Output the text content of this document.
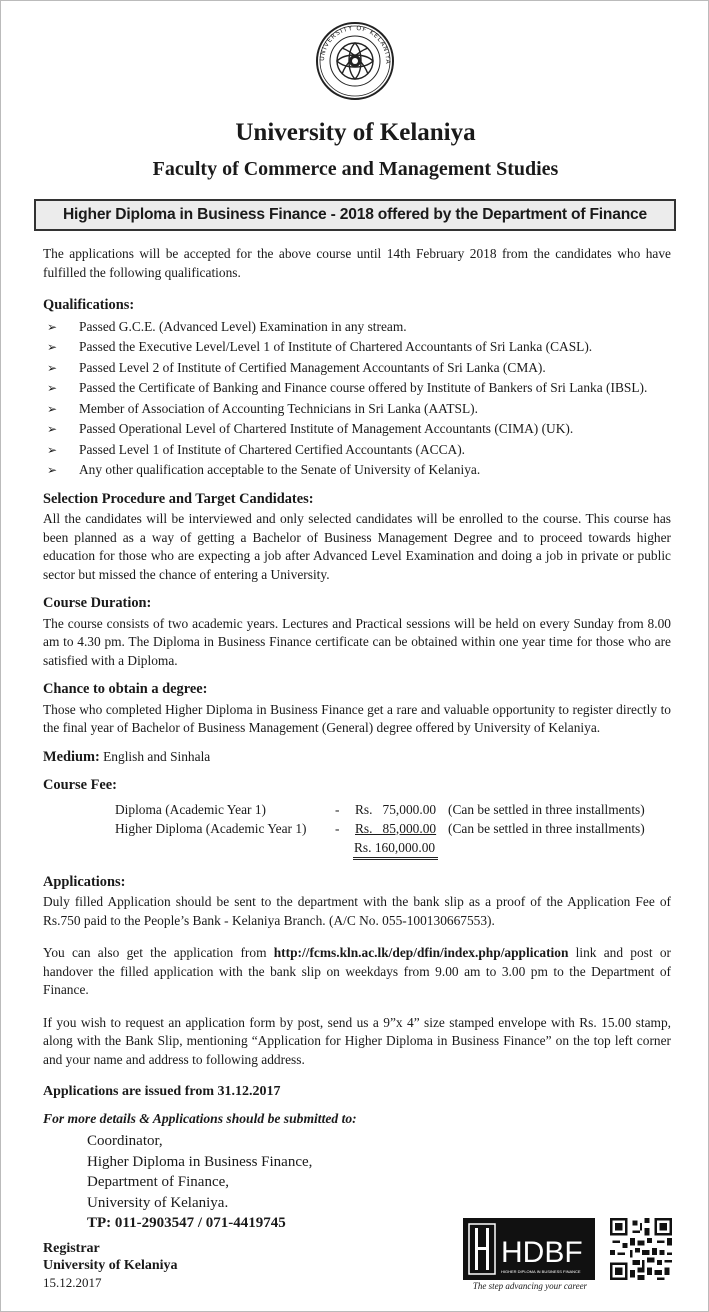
UNIVERSITY OF KELANIYA
University of Kelaniya
Faculty of Commerce and Management Studies
Higher Diploma in Business Finance - 2018 offered by the Department of Finance

The applications will be accepted for the above course until 14th February 2018 from the candidates who have fulfilled the following qualifications.

Qualifications:
➢ Passed G.C.E. (Advanced Level) Examination in any stream.
➢ Passed the Executive Level/Level 1 of Institute of Chartered Accountants of Sri Lanka (CASL).
➢ Passed Level 2 of Institute of Certified Management Accountants of Sri Lanka (CMA).
➢ Passed the Certificate of Banking and Finance course offered by Institute of Bankers of Sri Lanka (IBSL).
➢ Member of Association of Accounting Technicians in Sri Lanka (AATSL).
➢ Passed Operational Level of Chartered Institute of Management Accountants (CIMA) (UK).
➢ Passed Level 1 of Institute of Chartered Certified Accountants (ACCA).
➢ Any other qualification acceptable to the Senate of University of Kelaniya.
Selection Procedure and Target Candidates:

All the candidates will be interviewed and only selected candidates will be enrolled to the course. This course has been planned as a way of getting a Bachelor of Business Management Degree and to proceed towards higher education for those who are expecting a job after Advanced Level Examination and doing a job in private or public sector but missed the chance of entering a University.

Course Duration:

The course consists of two academic years. Lectures and Practical sessions will be held on every Sunday from 8.00 am to 4.30 pm. The Diploma in Business Finance certificate can be obtained within one year time for those who are satisfied with a Diploma.

Chance to obtain a degree:

Those who completed Higher Diploma in Business Finance get a rare and valuable opportunity to register directly to the final year of Bachelor of Business Management (General) degree offered by University of Kelaniya.

Medium: English and Sinhala
Course Fee:
Diploma (Academic Year 1)	- Rs.   75,000.00 (Can be settled in three installments)
Higher Diploma (Academic Year 1) - Rs.   85,000.00 (Can be settled in three installments)
Rs. 160,000.00
Applications:

Duly filled Application should be sent to the department with the bank slip as a proof of the Application Fee of Rs.750 paid to the People’s Bank - Kelaniya Branch. (A/C No. 055-100130667553).

You can also get the application from http://fcms.kln.ac.lk/dep/dfin/index.php/application link and post or handover the filled application with the bank slip on weekdays from 9.00 am to 3.00 pm to the Department of Finance.

If you wish to request an application form by post, send us a 9”x 4” size stamped envelope with Rs. 15.00 stamp, along with the Bank Slip, mentioning “Application for Higher Diploma in Business Finance” on the top left corner and your name and address to following address.

Applications are issued from 31.12.2017
For more details & Applications should be submitted to:
Coordinator,
Higher Diploma in Business Finance,
Department of Finance,
University of Kelaniya.
TP: 011-2903547 / 071-4419745
Registrar
University of Kelaniya
15.12.2017
HDBF
HIGHER DIPLOMA IN BUSINESS FINANCE
The step advancing your career
